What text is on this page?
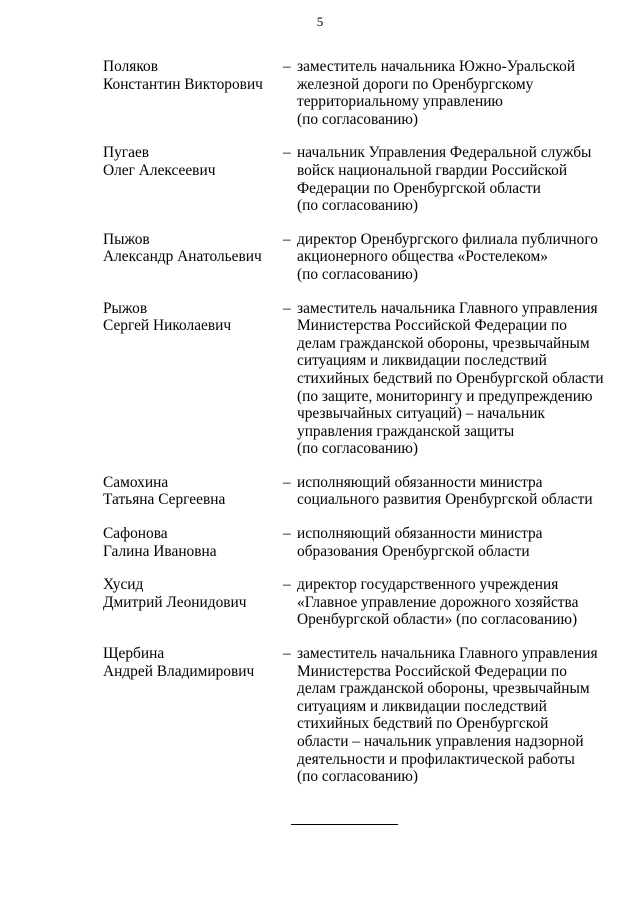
5
Поляков
Константин Викторович
– заместитель начальника Южно-Уральской
железной дороги по Оренбургскому
территориальному управлению
(по согласованию)
Пугаев
Олег Алексеевич
– начальник Управления Федеральной службы
войск национальной гвардии Российской
Федерации по Оренбургской области
(по согласованию)
Пыжов
Александр Анатольевич
– директор Оренбургского филиала публичного
акционерного общества «Ростелеком»
(по согласованию)
Рыжов
Сергей Николаевич
– заместитель начальника Главного управления
Министерства Российской Федерации по
делам гражданской обороны, чрезвычайным
ситуациям и ликвидации последствий
стихийных бедствий по Оренбургской области
(по защите, мониторингу и предупреждению
чрезвычайных ситуаций) – начальник
управления гражданской защиты
(по согласованию)
Самохина
Татьяна Сергеевна
– исполняющий обязанности министра
социального развития Оренбургской области
Сафонова
Галина Ивановна
– исполняющий обязанности министра
образования Оренбургской области
Хусид
Дмитрий Леонидович
– директор государственного учреждения
«Главное управление дорожного хозяйства
Оренбургской области» (по согласованию)
Щербина
Андрей Владимирович
– заместитель начальника Главного управления
Министерства Российской Федерации по
делам гражданской обороны, чрезвычайным
ситуациям и ликвидации последствий
стихийных бедствий по Оренбургской
области – начальник управления надзорной
деятельности и профилактической работы
(по согласованию)
